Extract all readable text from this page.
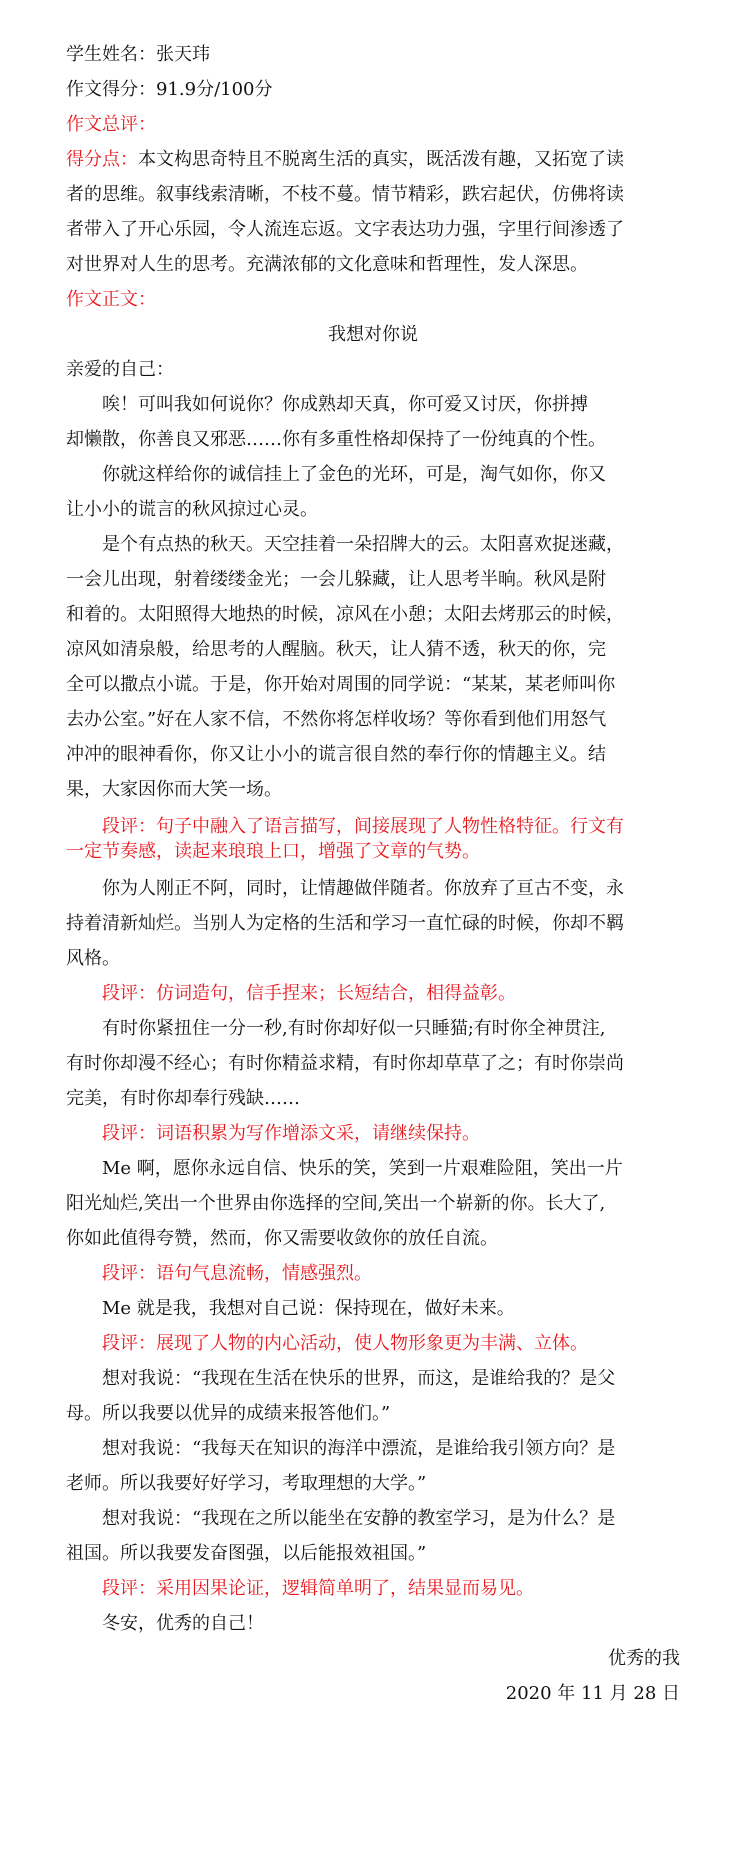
学生姓名：张天玮
作文得分：91.9分/100分
作文总评：
得分点：本文构思奇特且不脱离生活的真实，既活泼有趣，又拓宽了读
者的思维。叙事线索清晰，不枝不蔓。情节精彩，跌宕起伏，仿佛将读
者带入了开心乐园，令人流连忘返。文字表达功力强，字里行间渗透了
对世界对人生的思考。充满浓郁的文化意味和哲理性，发人深思。
作文正文：
我想对你说
亲爱的自己：
唉！可叫我如何说你？你成熟却天真，你可爱又讨厌，你拼搏
却懒散，你善良又邪恶……你有多重性格却保持了一份纯真的个性。
你就这样给你的诚信挂上了金色的光环，可是，淘气如你，你又
让小小的谎言的秋风掠过心灵。
是个有点热的秋天。天空挂着一朵招牌大的云。太阳喜欢捉迷藏，
一会儿出现，射着缕缕金光；一会儿躲藏，让人思考半晌。秋风是附
和着的。太阳照得大地热的时候，凉风在小憩；太阳去烤那云的时候，
凉风如清泉般，给思考的人醒脑。秋天，让人猜不透，秋天的你，完
全可以撒点小谎。于是，你开始对周围的同学说：“某某，某老师叫你
去办公室。”好在人家不信，不然你将怎样收场？等你看到他们用怒气
冲冲的眼神看你，你又让小小的谎言很自然的奉行你的情趣主义。结
果，大家因你而大笑一场。
段评：句子中融入了语言描写，间接展现了人物性格特征。行文有
一定节奏感，读起来琅琅上口，增强了文章的气势。
你为人刚正不阿，同时，让情趣做伴随者。你放弃了亘古不变，永
持着清新灿烂。当别人为定格的生活和学习一直忙碌的时候，你却不羁
风格。
段评：仿词造句，信手捏来；长短结合，相得益彰。
有时你紧扭住一分一秒,有时你却好似一只睡猫;有时你全神贯注,
有时你却漫不经心；有时你精益求精，有时你却草草了之；有时你崇尚
完美，有时你却奉行残缺……
段评：词语积累为写作增添文采，请继续保持。
Me 啊，愿你永远自信、快乐的笑，笑到一片艰难险阻，笑出一片
阳光灿烂,笑出一个世界由你选择的空间,笑出一个崭新的你。长大了,
你如此值得夸赞，然而，你又需要收敛你的放任自流。
段评：语句气息流畅，情感强烈。
Me 就是我，我想对自己说：保持现在，做好未来。
段评：展现了人物的内心活动，使人物形象更为丰满、立体。
想对我说：“我现在生活在快乐的世界，而这，是谁给我的？是父
母。所以我要以优异的成绩来报答他们。”
想对我说：“我每天在知识的海洋中漂流，是谁给我引领方向？是
老师。所以我要好好学习，考取理想的大学。”
想对我说：“我现在之所以能坐在安静的教室学习，是为什么？是
祖国。所以我要发奋图强，以后能报效祖国。”
段评：采用因果论证，逻辑简单明了，结果显而易见。
冬安，优秀的自己！
优秀的我
2020 年 11 月 28 日
